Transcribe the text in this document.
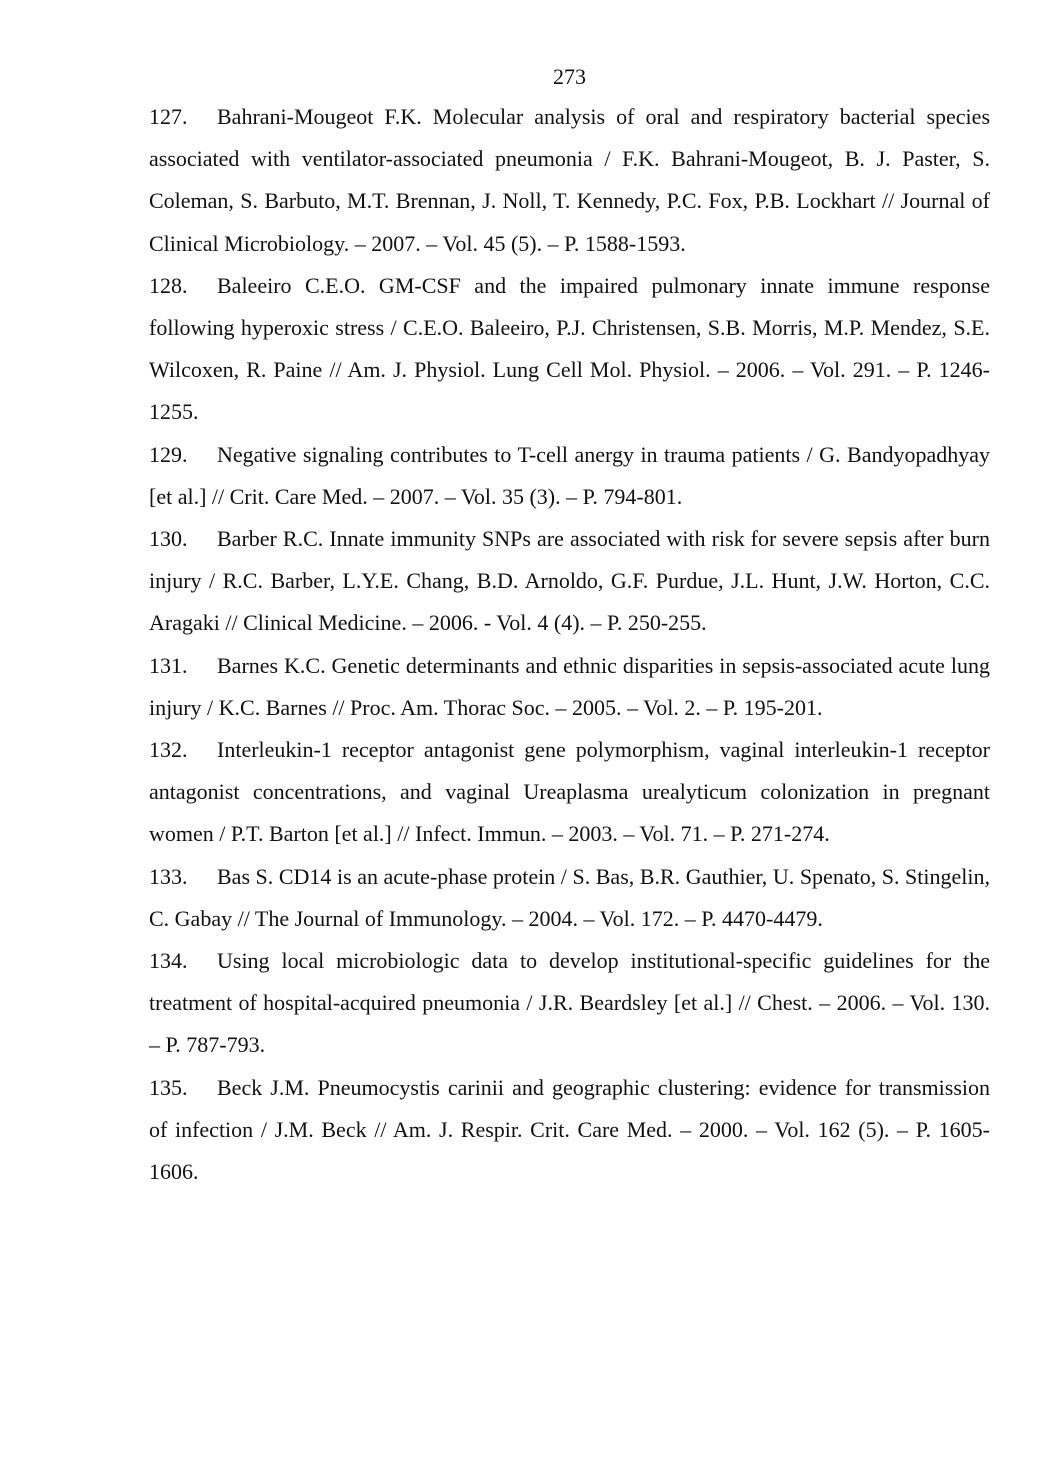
273
127. Bahrani-Mougeot F.K. Molecular analysis of oral and respiratory bacterial species associated with ventilator-associated pneumonia / F.K. Bahrani-Mougeot, B. J. Paster, S. Coleman, S. Barbuto, M.T. Brennan, J. Noll, T. Kennedy, P.C. Fox, P.B. Lockhart // Journal of Clinical Microbiology. – 2007. – Vol. 45 (5). – P. 1588-1593.
128. Baleeiro C.E.O. GM-CSF and the impaired pulmonary innate immune response following hyperoxic stress / C.E.O. Baleeiro, P.J. Christensen, S.B. Morris, M.P. Mendez, S.E. Wilcoxen, R. Paine // Am. J. Physiol. Lung Cell Mol. Physiol. – 2006. – Vol. 291. – P. 1246-1255.
129. Negative signaling contributes to T-cell anergy in trauma patients / G. Bandyopadhyay [et al.] // Crit. Care Med. – 2007. – Vol. 35 (3). – P. 794-801.
130. Barber R.C. Innate immunity SNPs are associated with risk for severe sepsis after burn injury / R.C. Barber, L.Y.E. Chang, B.D. Arnoldo, G.F. Purdue, J.L. Hunt, J.W. Horton, C.C. Aragaki // Clinical Medicine. – 2006. - Vol. 4 (4). – P. 250-255.
131. Barnes K.C. Genetic determinants and ethnic disparities in sepsis-associated acute lung injury / K.C. Barnes // Proc. Am. Thorac Soc. – 2005. – Vol. 2. – P. 195-201.
132. Interleukin-1 receptor antagonist gene polymorphism, vaginal interleukin-1 receptor antagonist concentrations, and vaginal Ureaplasma urealyticum colonization in pregnant women / P.T. Barton [et al.] // Infect. Immun. – 2003. – Vol. 71. – P. 271-274.
133. Bas S. CD14 is an acute-phase protein / S. Bas, B.R. Gauthier, U. Spenato, S. Stingelin, C. Gabay // The Journal of Immunology. – 2004. – Vol. 172. – P. 4470-4479.
134. Using local microbiologic data to develop institutional-specific guidelines for the treatment of hospital-acquired pneumonia / J.R. Beardsley [et al.] // Chest. – 2006. – Vol. 130. – P. 787-793.
135. Beck J.M. Pneumocystis carinii and geographic clustering: evidence for transmission of infection / J.M. Beck // Am. J. Respir. Crit. Care Med. – 2000. – Vol. 162 (5). – P. 1605-1606.
